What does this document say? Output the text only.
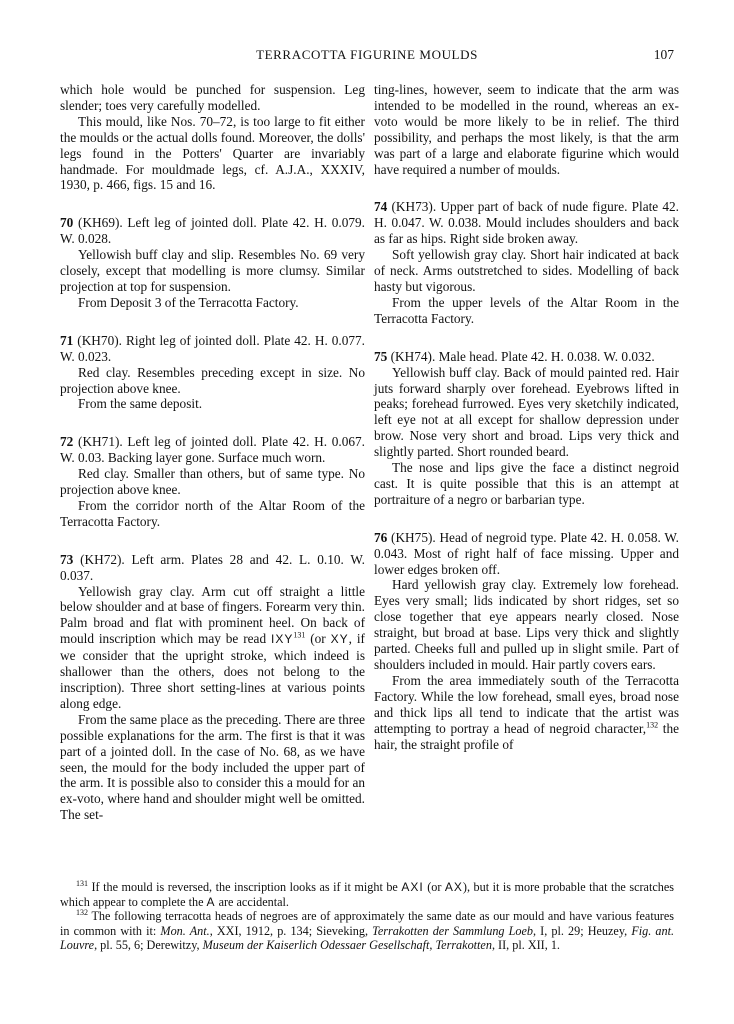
TERRACOTTA FIGURINE MOULDS	107

which hole would be punched for suspension. Leg slender; toes very carefully modelled.

This mould, like Nos. 70–72, is too large to fit either the moulds or the actual dolls found. Moreover, the dolls' legs found in the Potters' Quarter are invariably handmade. For mouldmade legs, cf. A.J.A., XXXIV, 1930, p. 466, figs. 15 and 16.

70 (KH69). Left leg of jointed doll. Plate 42. H. 0.079. W. 0.028.

Yellowish buff clay and slip. Resembles No. 69 very closely, except that modelling is more clumsy. Similar projection at top for suspension.

From Deposit 3 of the Terracotta Factory.

71 (KH70). Right leg of jointed doll. Plate 42. H. 0.077. W. 0.023.

Red clay. Resembles preceding except in size. No projection above knee.

From the same deposit.

72 (KH71). Left leg of jointed doll. Plate 42. H. 0.067. W. 0.03. Backing layer gone. Surface much worn.

Red clay. Smaller than others, but of same type. No projection above knee.

From the corridor north of the Altar Room of the Terracotta Factory.

73 (KH72). Left arm. Plates 28 and 42. L. 0.10. W. 0.037.

Yellowish gray clay. Arm cut off straight a little below shoulder and at base of fingers. Forearm very thin. Palm broad and flat with prominent heel. On back of mould inscription which may be read IXY$^{131}$ (or XY, if we consider that the upright stroke, which indeed is shallower than the others, does not belong to the inscription). Three short setting-lines at various points along edge.

From the same place as the preceding. There are three possible explanations for the arm. The first is that it was part of a jointed doll. In the case of No. 68, as we have seen, the mould for the body included the upper part of the arm. It is possible also to consider this a mould for an ex-voto, where hand and shoulder might well be omitted. The set-

ting-lines, however, seem to indicate that the arm was intended to be modelled in the round, whereas an ex-voto would be more likely to be in relief. The third possibility, and perhaps the most likely, is that the arm was part of a large and elaborate figurine which would have required a number of moulds.

74 (KH73). Upper part of back of nude figure. Plate 42. H. 0.047. W. 0.038. Mould includes shoulders and back as far as hips. Right side broken away.

Soft yellowish gray clay. Short hair indicated at back of neck. Arms outstretched to sides. Modelling of back hasty but vigorous.

From the upper levels of the Altar Room in the Terracotta Factory.

75 (KH74). Male head. Plate 42. H. 0.038. W. 0.032.

Yellowish buff clay. Back of mould painted red. Hair juts forward sharply over forehead. Eyebrows lifted in peaks; forehead furrowed. Eyes very sketchily indicated, left eye not at all except for shallow depression under brow. Nose very short and broad. Lips very thick and slightly parted. Short rounded beard.

The nose and lips give the face a distinct negroid cast. It is quite possible that this is an attempt at portraiture of a negro or barbarian type.

76 (KH75). Head of negroid type. Plate 42. H. 0.058. W. 0.043. Most of right half of face missing. Upper and lower edges broken off.

Hard yellowish gray clay. Extremely low forehead. Eyes very small; lids indicated by short ridges, set so close together that eye appears nearly closed. Nose straight, but broad at base. Lips very thick and slightly parted. Cheeks full and pulled up in slight smile. Part of shoulders included in mould. Hair partly covers ears.

From the area immediately south of the Terracotta Factory. While the low forehead, small eyes, broad nose and thick lips all tend to indicate that the artist was attempting to portray a head of negroid character,$^{132}$ the hair, the straight profile of

$^{131}$ If the mould is reversed, the inscription looks as if it might be AXI (or AX), but it is more probable that the scratches which appear to complete the A are accidental.

$^{132}$ The following terracotta heads of negroes are of approximately the same date as our mould and have various features in common with it: Mon. Ant., XXI, 1912, p. 134; Sieveking, Terrakotten der Sammlung Loeb, I, pl. 29; Heuzey, Fig. ant. Louvre, pl. 55, 6; Derewitzy, Museum der Kaiserlich Odessaer Gesellschaft, Terrakotten, II, pl. XII, 1.
